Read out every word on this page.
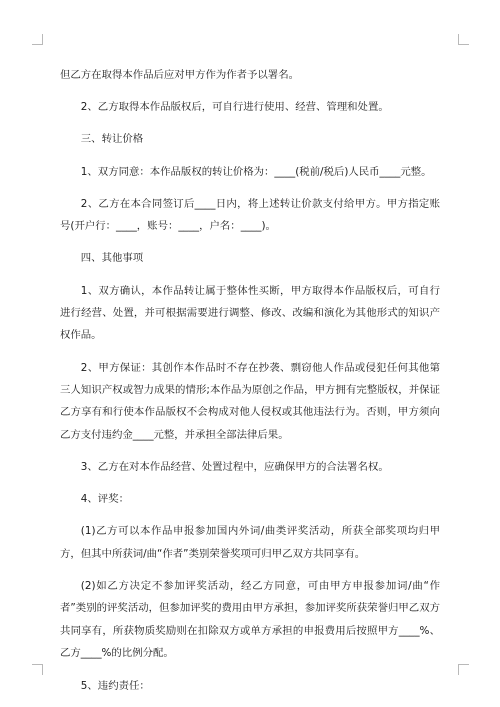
但乙方在取得本作品后应对甲方作为作者予以署名。

2、乙方取得本作品版权后，可自行进行使用、经营、管理和处置。

三、转让价格

1、双方同意：本作品版权的转让价格为：____(税前/税后)人民币____元整。

2、乙方在本合同签订后____日内，将上述转让价款支付给甲方。甲方指定账号(开户行：____，账号：____，户名：____)。

四、其他事项

1、双方确认，本作品转让属于整体性买断，甲方取得本作品版权后，可自行进行经营、处置，并可根据需要进行调整、修改、改编和演化为其他形式的知识产权作品。

2、甲方保证：其创作本作品时不存在抄袭、剽窃他人作品或侵犯任何其他第三人知识产权或智力成果的情形;本作品为原创之作品，甲方拥有完整版权，并保证乙方享有和行使本作品版权不会构成对他人侵权或其他违法行为。否则，甲方须向乙方支付违约金____元整，并承担全部法律后果。

3、乙方在对本作品经营、处置过程中，应确保甲方的合法署名权。

4、评奖：

(1)乙方可以本作品申报参加国内外词/曲类评奖活动，所获全部奖项均归甲方，但其中所获词/曲“作者”类别荣誉奖项可归甲乙双方共同享有。

(2)如乙方决定不参加评奖活动，经乙方同意，可由甲方申报参加词/曲“作者”类别的评奖活动，但参加评奖的费用由甲方承担，参加评奖所获荣誉归甲乙双方共同享有，所获物质奖励则在扣除双方或单方承担的申报费用后按照甲方____%、乙方____%的比例分配。

5、违约责任：
